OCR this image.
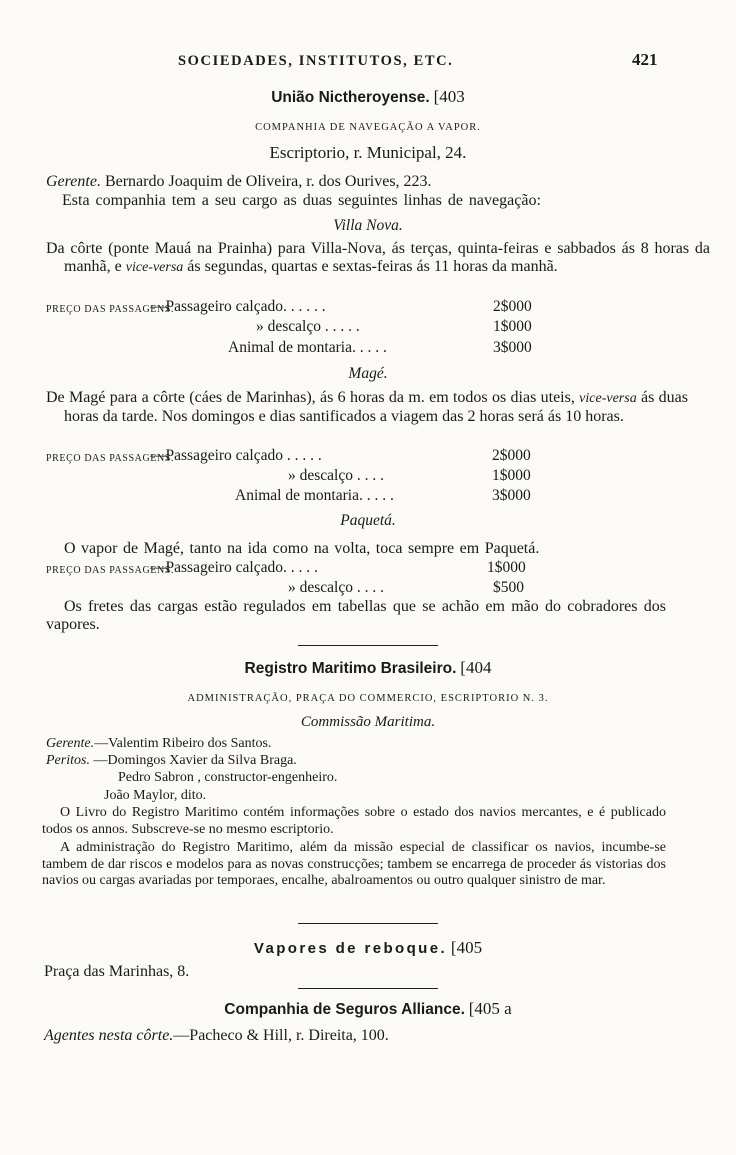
SOCIEDADES, INSTITUTOS, ETC.	421
União Nictheroyense. [403
COMPANHIA DE NAVEGAÇÃO A VAPOR.
Escriptorio, r. Municipal, 24.
Gerente. Bernardo Joaquim de Oliveira, r. dos Ourives, 223.
Esta companhia tem a seu cargo as duas seguintes linhas de navegação:
Villa Nova.
Da côrte (ponte Mauá na Prainha) para Villa-Nova, ás terças, quinta-feiras e sabbados ás 8 horas da manhã, e vice-versa ás segundas, quartas e sextas-feiras ás 11 horas da manhã.
PREÇO DAS PASSAGENS.
—Passageiro calçado. . . . . .	2$000
» descalço . . . . .	1$000
Animal de montaria. . . . .	3$000
Magé.
De Magé para a côrte (cáes de Marinhas), ás 6 horas da m. em todos os dias uteis, vice-versa ás duas horas da tarde. Nos domingos e dias santificados a viagem das 2 horas será ás 10 horas.
PREÇO DAS PASSAGENS.
—Passageiro calçado . . . . .	2$000
» descalço . . . .	1$000
Animal de montaria. . . . .	3$000
Paquetá.
O vapor de Magé, tanto na ida como na volta, toca sempre em Paquetá.
PREÇO DAS PASSAGENS.
—Passageiro calçado. . . . .	1$000
» descalço . . . .	$500
Os fretes das cargas estão regulados em tabellas que se achão em mão do cobradores dos vapores.
Registro Maritimo Brasileiro. [404
ADMINISTRAÇÃO, PRAÇA DO COMMERCIO, ESCRIPTORIO N. 3.
Commissão Maritima.
Gerente.—Valentim Ribeiro dos Santos.
Peritos. —Domingos Xavier da Silva Braga.
Pedro Sabron , constructor-engenheiro.
João Maylor, dito.
O Livro do Registro Maritimo contém informações sobre o estado dos navios mercantes, e é publicado todos os annos. Subscreve-se no mesmo escriptorio.
A administração do Registro Maritimo, além da missão especial de classificar os navios, incumbe-se tambem de dar riscos e modelos para as novas construcções; tambem se encarrega de proceder ás vistorias dos navios ou cargas avariadas por temporaes, encalhe, abalroamentos ou outro qualquer sinistro de mar.
Vapores de reboque. [405
Praça das Marinhas, 8.
Companhia de Seguros Alliance. [405 a
Agentes nesta côrte.—Pacheco & Hill, r. Direita, 100.
